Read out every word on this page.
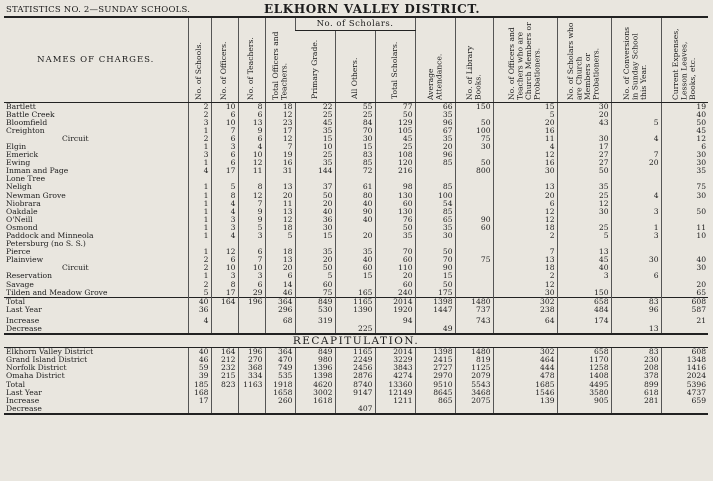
STATISTICS NO. 2—SUNDAY SCHOOLS.	ELKHORN VALLEY DISTRICT.
NAMES OF CHARGES.	No. of Schools.	No. of Officers.	No. of Teachers.	Total Officers and Teachers.	No. of Scholars.			Average Attendance.	No. of Library Books.	No. of Officers and Teachers who are Church Members or Probationers.	No. of Scholars who are Church Members or Probationers.	No. of Conversions in Sunday School this Year.	Current Expenses, Lesson Leaves, Books, etc.

					Primary Grade.	All Others.	Total Scholars.						

Bartlett	2	10	8	18	22	55	77	66	150	15	30		19
Battle Creek	2	6	6	12	25	25	50	35		5	20		40
Bloomfield	3	10	13	23	45	84	129	96	50	20	43	5	50
Creighton	1	7	9	17	35	70	105	67	100	16			45
Circuit	2	6	6	12	15	30	45	35	75	11	30	4	12
Elgin	1	3	4	7	10	15	25	20	30	4	17		6
Emerick	3	6	10	19	25	83	108	96		12	27	7	30
Ewing	1	6	12	16	35	85	120	85	50	16	27	20	30
Inman and Page	4	17	11	31	144	72	216		800	30	50		35
Lone Tree													
Neligh	1	5	8	13	37	61	98	85		13	35		75
Newman Grove	1	8	12	20	50	80	130	100		20	25	4	30
Niobrara	1	4	7	11	20	40	60	54		6	12		
Oakdale	1	4	9	13	40	90	130	85		12	30	3	50
O'Neill	1	3	9	12	36	40	76	65	90	12			
Osmond	1	3	5	18	30		50	35	60	18	25	1	11
Paddock and Minneola	1	4	3	5	15	20	35	30		2	5	3	10
Petersburg (no S. S.)													
Pierce	1	12	6	18	35	35	70	50		7	13		
Plainview	2	6	7	13	20	40	60	70	75	13	45	30	40
Circuit	2	10	10	20	50	60	110	90		18	40		30
Reservation	1	3	3	6	5	15	20	15		2	3	6	
Savage	2	8	6	14	60		60	50		12			20
Tilden and Meadow Grove	5	17	29	46	75	165	240	175		30	150		65
Total	40	164	196	364	849	1165	2014	1398	1480	302	658	83	608
Last Year	36			296	530	1390	1920	1447	737	238	484	96	587

Increase	4			68	319		94		743	64	174		21
Decrease						225		49				13	
RECAPITULATION.													
Elkhorn Valley District	40	164	196	364	849	1165	2014	1398	1480	302	658	83	608
Grand Island District	46	212	270	470	980	2249	3229	2415	819	464	1170	230	1348
Norfolk District	59	232	368	749	1396	2456	3843	2727	1125	444	1258	208	1416
Omaha District	39	215	334	535	1398	2876	4274	2970	2079	478	1408	378	2024
Total	185	823	1163	1918	4620	8740	13360	9510	5543	1685	4495	899	5396
Last Year	168			1658	3002	9147	12149	8645	3468	1546	3580	618	4737
Increase	17			260	1618		1211	865	2075	139	905	281	659
Decrease						407							
